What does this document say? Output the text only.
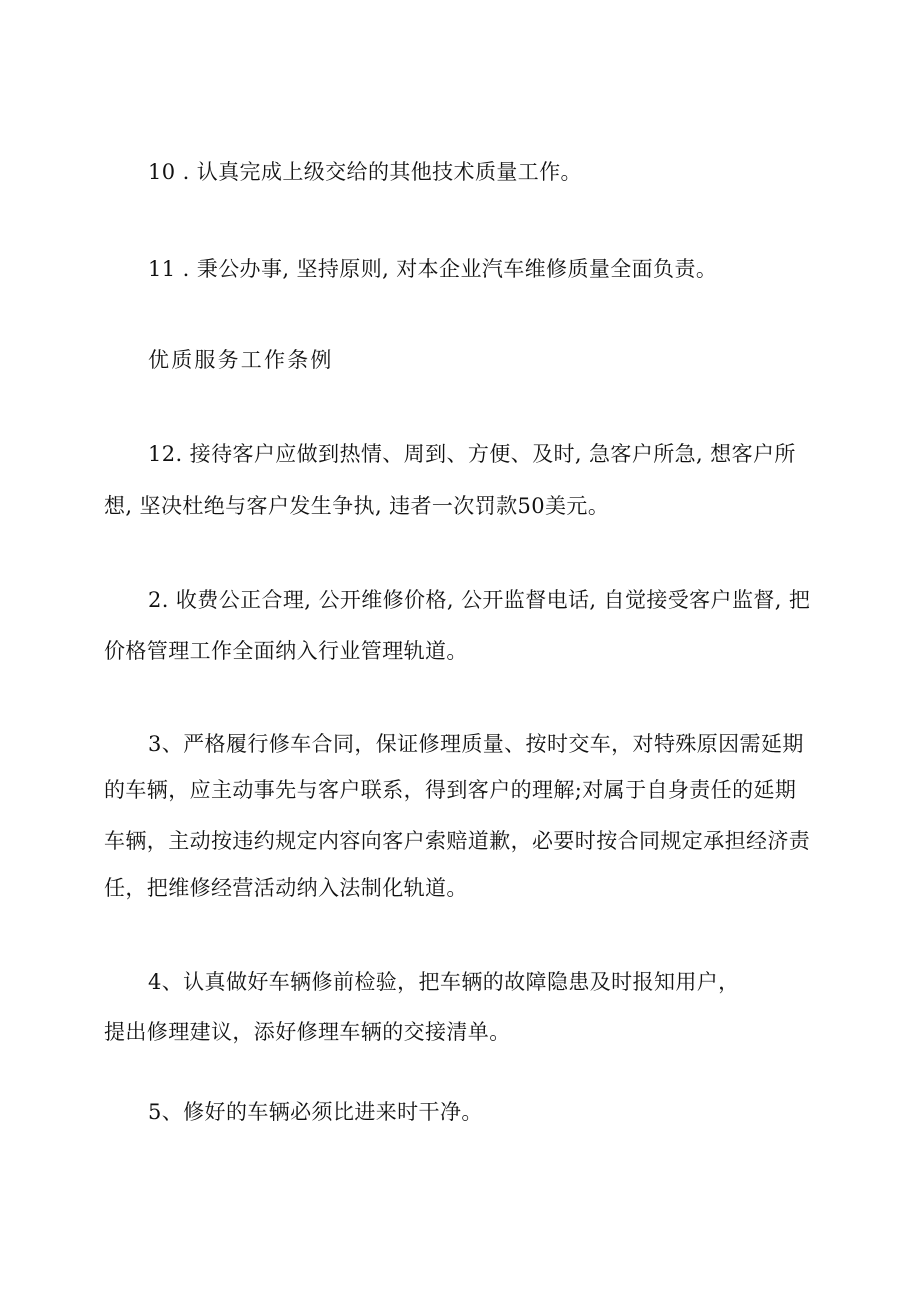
10 . 认真完成上级交给的其他技术质量工作。
11 . 秉公办事, 坚持原则, 对本企业汽车维修质量全面负责。
优质服务工作条例
12. 接待客户应做到热情、周到、方便、及时, 急客户所急, 想客户所
想, 坚决杜绝与客户发生争执, 违者一次罚款50美元。
2. 收费公正合理, 公开维修价格, 公开监督电话, 自觉接受客户监督, 把
价格管理工作全面纳入行业管理轨道。
3、严格履行修车合同，保证修理质量、按时交车，对特殊原因需延期
的车辆，应主动事先与客户联系，得到客户的理解;对属于自身责任的延期
车辆，主动按违约规定内容向客户索赔道歉，必要时按合同规定承担经济责
任，把维修经营活动纳入法制化轨道。
4、认真做好车辆修前检验，把车辆的故障隐患及时报知用户，
提出修理建议，添好修理车辆的交接清单。
5、修好的车辆必须比进来时干净。
